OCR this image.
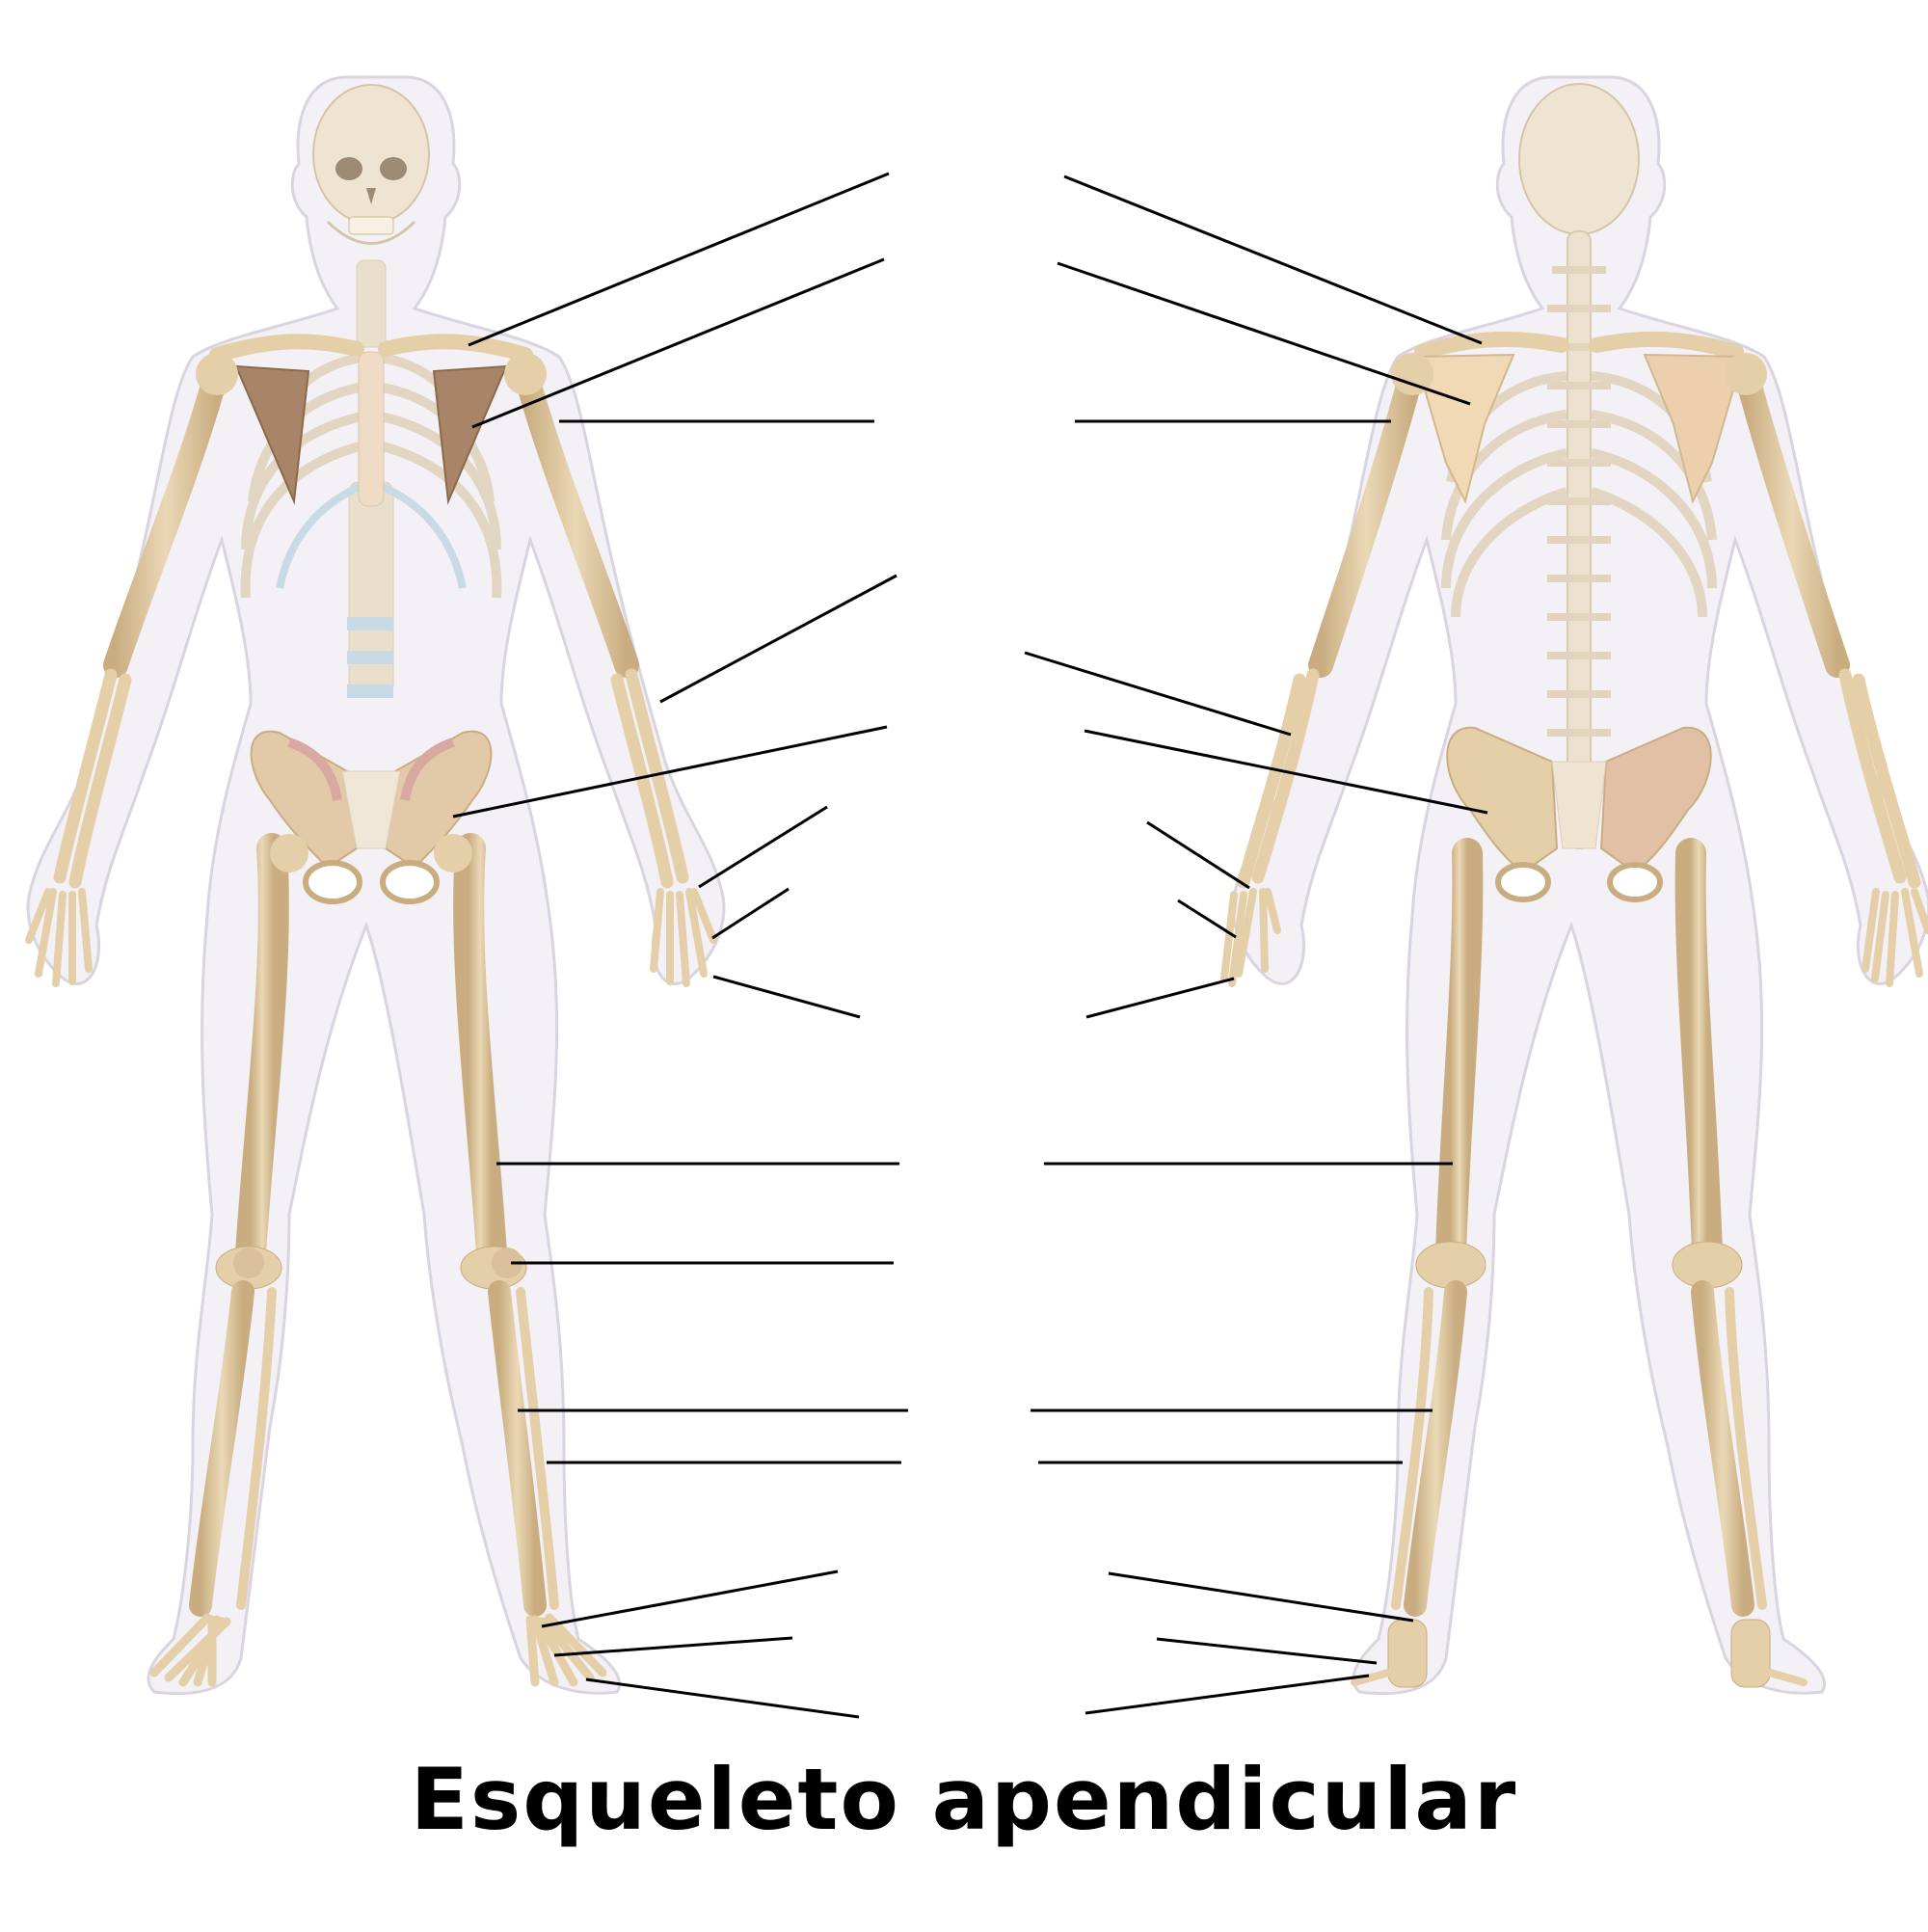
Esqueleto apendicular
